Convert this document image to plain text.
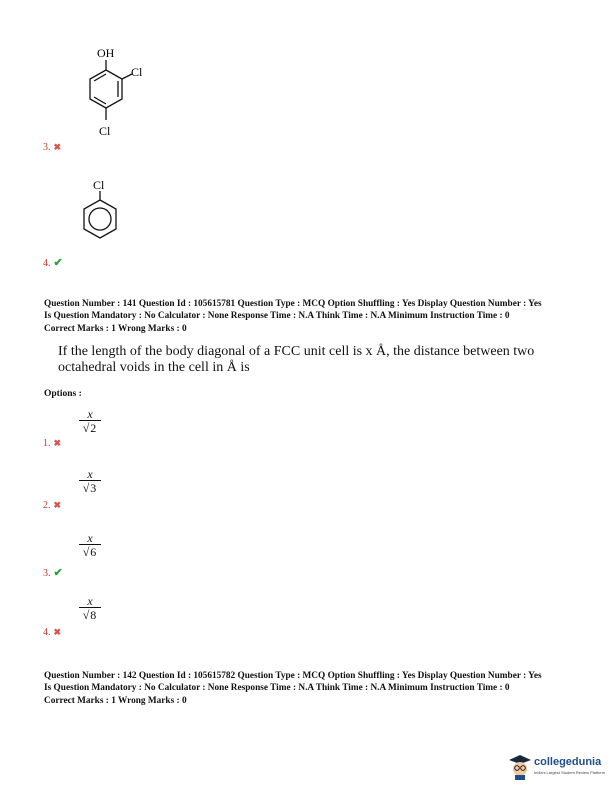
OH
Cl
Cl
3. ✖
Cl
4. ✔
Question Number : 141 Question Id : 105615781 Question Type : MCQ Option Shuffling : Yes Display Question Number : Yes
Is Question Mandatory : No Calculator : None Response Time : N.A Think Time : N.A Minimum Instruction Time : 0
Correct Marks : 1 Wrong Marks : 0
If the length of the body diagonal of a FCC unit cell is x Å, the distance between two
octahedral voids in the cell in Å is
Options :
x
√2
1. ✖
x
√3
2. ✖
x
√6
3. ✔
x
√8
4. ✖
Question Number : 142 Question Id : 105615782 Question Type : MCQ Option Shuffling : Yes Display Question Number : Yes
Is Question Mandatory : No Calculator : None Response Time : N.A Think Time : N.A Minimum Instruction Time : 0
Correct Marks : 1 Wrong Marks : 0
collegedunia
India's Largest Student Review Platform
